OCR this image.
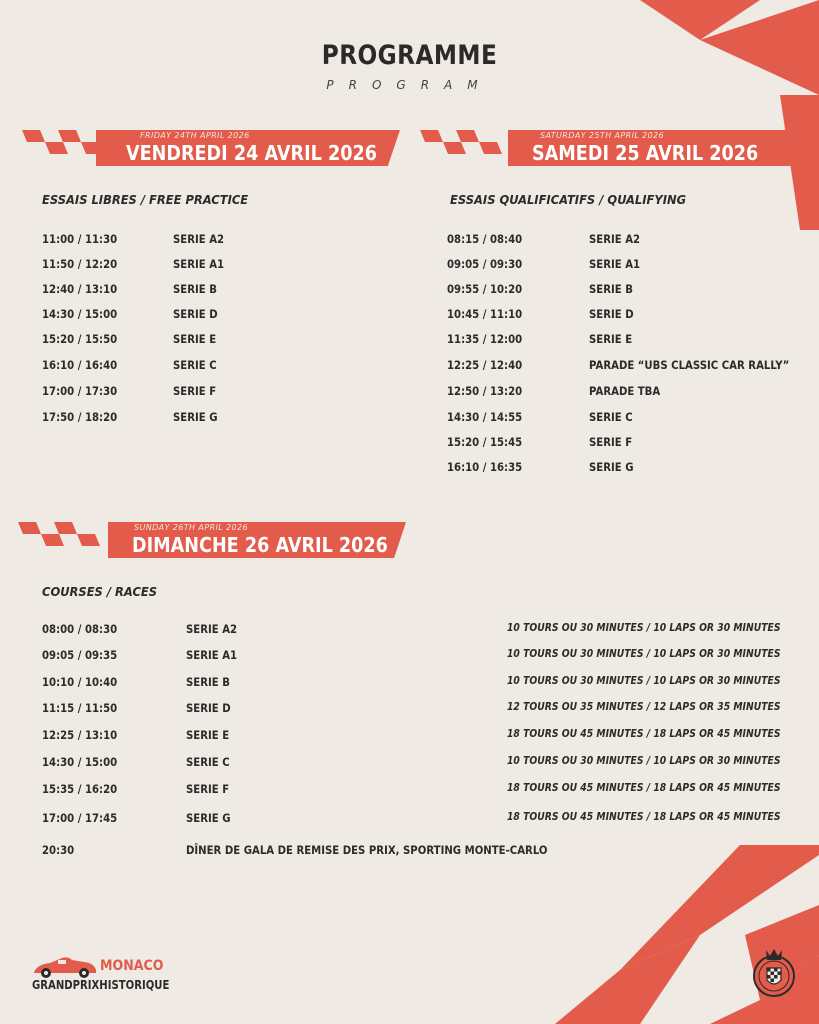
PROGRAMME
PROGRAM
FRIDAY 24TH APRIL 2026
VENDREDI 24 AVRIL 2026
SATURDAY 25TH APRIL 2026
SAMEDI 25 AVRIL 2026
ESSAIS LIBRES / FREE PRACTICE	ESSAIS QUALIFICATIFS / QUALIFYING
11:00 / 11:30	SERIE A2
11:50 / 12:20	SERIE A1
12:40 / 13:10	SERIE B
14:30 / 15:00	SERIE D
15:20 / 15:50	SERIE E
16:10 / 16:40	SERIE C
17:00 / 17:30	SERIE F
17:50 / 18:20	SERIE G
08:15 / 08:40	SERIE A2
09:05 / 09:30	SERIE A1
09:55 / 10:20	SERIE B
10:45 / 11:10	SERIE D
11:35 / 12:00	SERIE E
12:25 / 12:40	PARADE “UBS CLASSIC CAR RALLY”
12:50 / 13:20	PARADE TBA
14:30 / 14:55	SERIE C
15:20 / 15:45	SERIE F
16:10 / 16:35	SERIE G
SUNDAY 26TH APRIL 2026
DIMANCHE 26 AVRIL 2026
COURSES / RACES
08:00 / 08:30	SERIE A2	10 TOURS OU 30 MINUTES / 10 LAPS OR 30 MINUTES
09:05 / 09:35	SERIE A1	10 TOURS OU 30 MINUTES / 10 LAPS OR 30 MINUTES
10:10 / 10:40	SERIE B	10 TOURS OU 30 MINUTES / 10 LAPS OR 30 MINUTES
11:15 / 11:50	SERIE D	12 TOURS OU 35 MINUTES / 12 LAPS OR 35 MINUTES
12:25 / 13:10	SERIE E	18 TOURS OU 45 MINUTES / 18 LAPS OR 45 MINUTES
14:30 / 15:00	SERIE C	10 TOURS OU 30 MINUTES / 10 LAPS OR 30 MINUTES
15:35 / 16:20	SERIE F	18 TOURS OU 45 MINUTES / 18 LAPS OR 45 MINUTES
17:00 / 17:45	SERIE G	18 TOURS OU 45 MINUTES / 18 LAPS OR 45 MINUTES
20:30	DÎNER DE GALA DE REMISE DES PRIX, SPORTING MONTE-CARLO
MONACO
GRANDPRIXHISTORIQUE
